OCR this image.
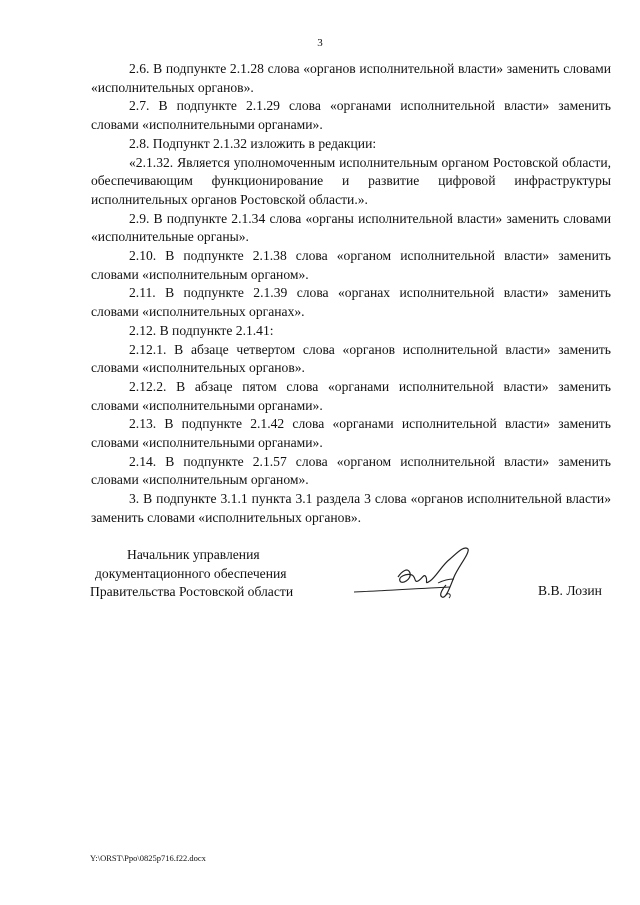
3

2.6. В подпункте 2.1.28 слова «органов исполнительной власти» заменить словами «исполнительных органов».

2.7. В подпункте 2.1.29 слова «органами исполнительной власти» заменить словами «исполнительными органами».

2.8. Подпункт 2.1.32 изложить в редакции:

«2.1.32. Является уполномоченным исполнительным органом Ростовской области, обеспечивающим функционирование и развитие цифровой инфраструктуры исполнительных органов Ростовской области.».

2.9. В подпункте 2.1.34 слова «органы исполнительной власти» заменить словами «исполнительные органы».

2.10. В подпункте 2.1.38 слова «органом исполнительной власти» заменить словами «исполнительным органом».

2.11. В подпункте 2.1.39 слова «органах исполнительной власти» заменить словами «исполнительных органах».

2.12. В подпункте 2.1.41:

2.12.1. В абзаце четвертом слова «органов исполнительной власти» заменить словами «исполнительных органов».

2.12.2. В абзаце пятом слова «органами исполнительной власти» заменить словами «исполнительными органами».

2.13. В подпункте 2.1.42 слова «органами исполнительной власти» заменить словами «исполнительными органами».

2.14. В подпункте 2.1.57 слова «органом исполнительной власти» заменить словами «исполнительным органом».

3. В подпункте 3.1.1 пункта 3.1 раздела 3 слова «органов исполнительной власти» заменить словами «исполнительных органов».

Начальник управления
документационного обеспечения
Правительства Ростовской области	В.В. Лозин
Y:\ORST\Ppo\0825p716.f22.docx
